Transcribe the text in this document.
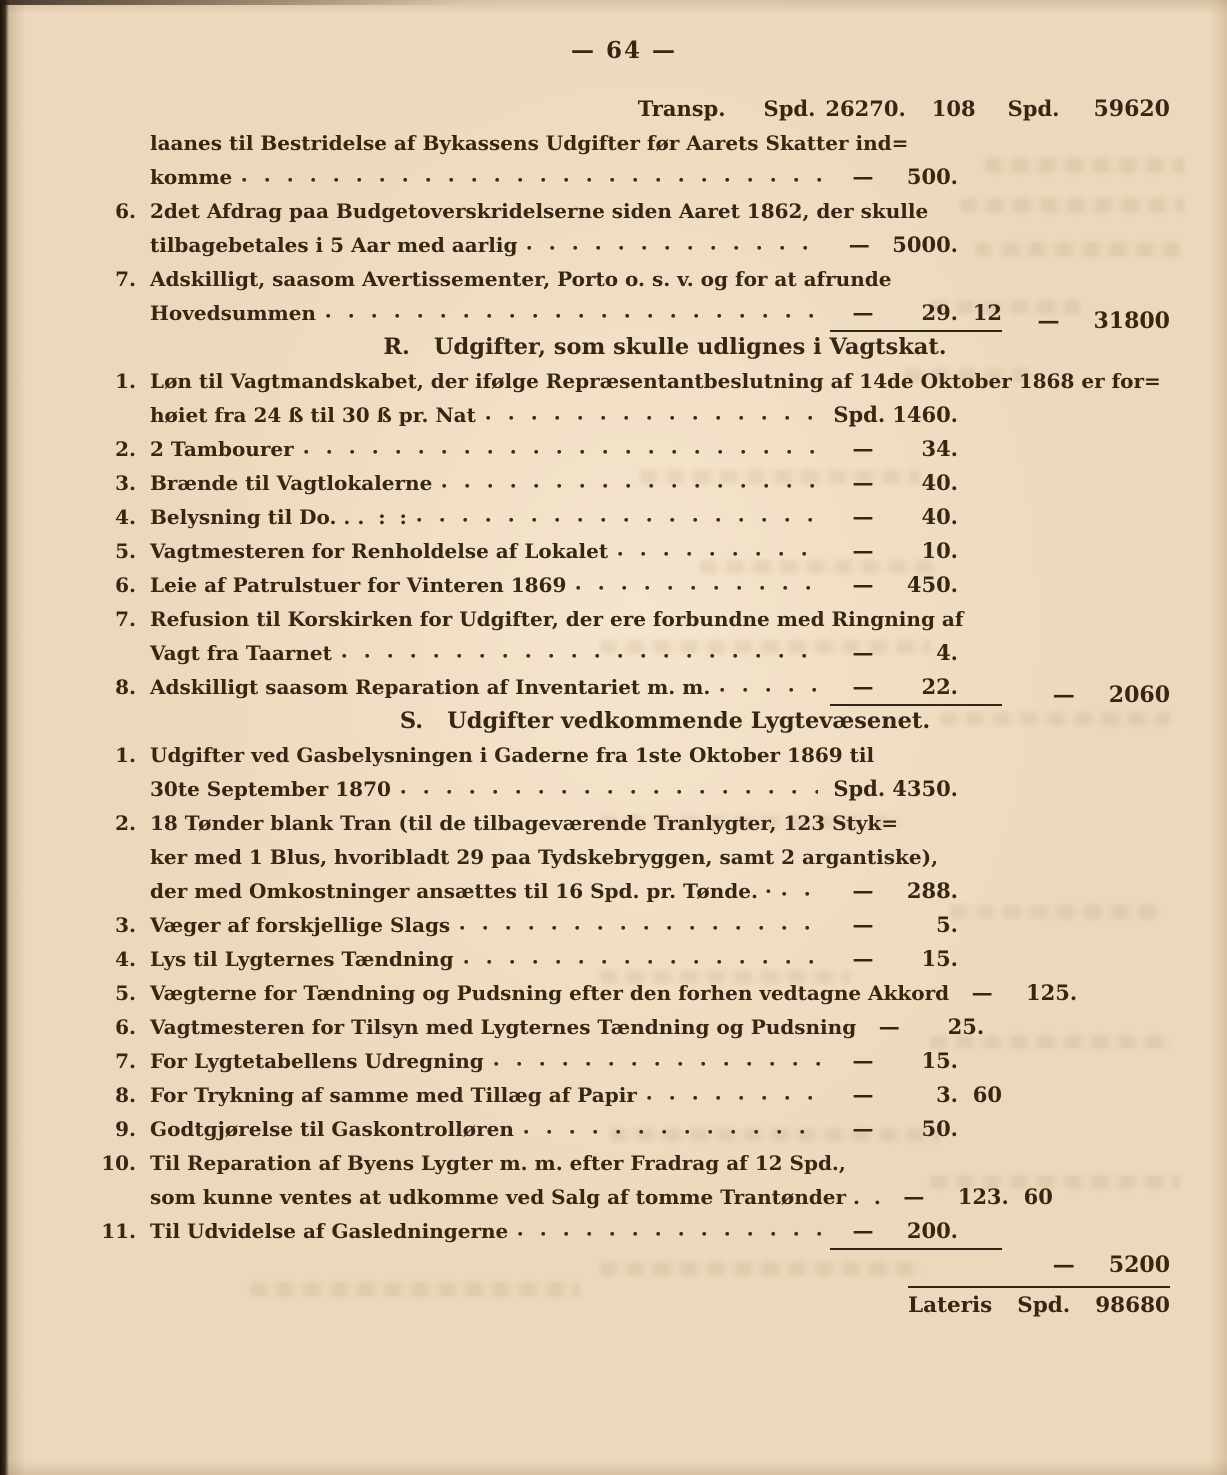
— 64 —
Transp. Spd. 26270. 108 Spd. 59620
laanes til Bestridelse af Bykassens Udgifter før Aarets Skatter ind=
komme	—	500.
6. 2det Afdrag paa Budgetoverskridelserne siden Aaret 1862, der skulle
tilbagebetales i 5 Aar med aarlig	—	5000.
7. Adskilligt, saasom Avertissementer, Porto o. s. v. og for at afrunde
Hovedsummen	—	29. 12 — 31800
R. Udgifter, som skulle udlignes i Vagtskat.
1. Løn til Vagtmandskabet, der ifølge Repræsentantbeslutning af 14de Oktober 1868 er for=
høiet fra 24 ß til 30 ß pr. Nat	Spd. 1460.
2. 2 Tambourer	—	34.
3. Brænde til Vagtlokalerne	—	40.
4. Belysning til Do. . .  :  :	—	40.
5. Vagtmesteren for Renholdelse af Lokalet	—	10.
6. Leie af Patrulstuer for Vinteren 1869	—	450.
7. Refusion til Korskirken for Udgifter, der ere forbundne med Ringning af
Vagt fra Taarnet	—	4.
8. Adskilligt saasom Reparation af Inventariet m. m.	—	22.	— 2060
S. Udgifter vedkommende Lygtevæsenet.
1. Udgifter ved Gasbelysningen i Gaderne fra 1ste Oktober 1869 til
30te September 1870	Spd. 4350.
2. 18 Tønder blank Tran (til de tilbageværende Tranlygter, 123 Styk=
ker med 1 Blus, hvoribladt 29 paa Tydskebryggen, samt 2 argantiske),
der med Omkostninger ansættes til 16 Spd. pr. Tønde. ·	—	288.
3. Væger af forskjellige Slags	—	5.
4. Lys til Lygternes Tændning	—	15.
5. Vægterne for Tændning og Pudsning efter den forhen vedtagne Akkord	—	125.
6. Vagtmesteren for Tilsyn med Lygternes Tændning og Pudsning	—	25.
7. For Lygtetabellens Udregning	—	15.
8. For Trykning af samme med Tillæg af Papir	—	3. 60
9. Godtgjørelse til Gaskontrolløren	—	50.
10. Til Reparation af Byens Lygter m. m. efter Fradrag af 12 Spd.,
som kunne ventes at udkomme ved Salg af tomme Trantønder .  .	—	123. 60
11. Til Udvidelse af Gasledningerne	—	200.
— 5200
Lateris Spd. 98680
